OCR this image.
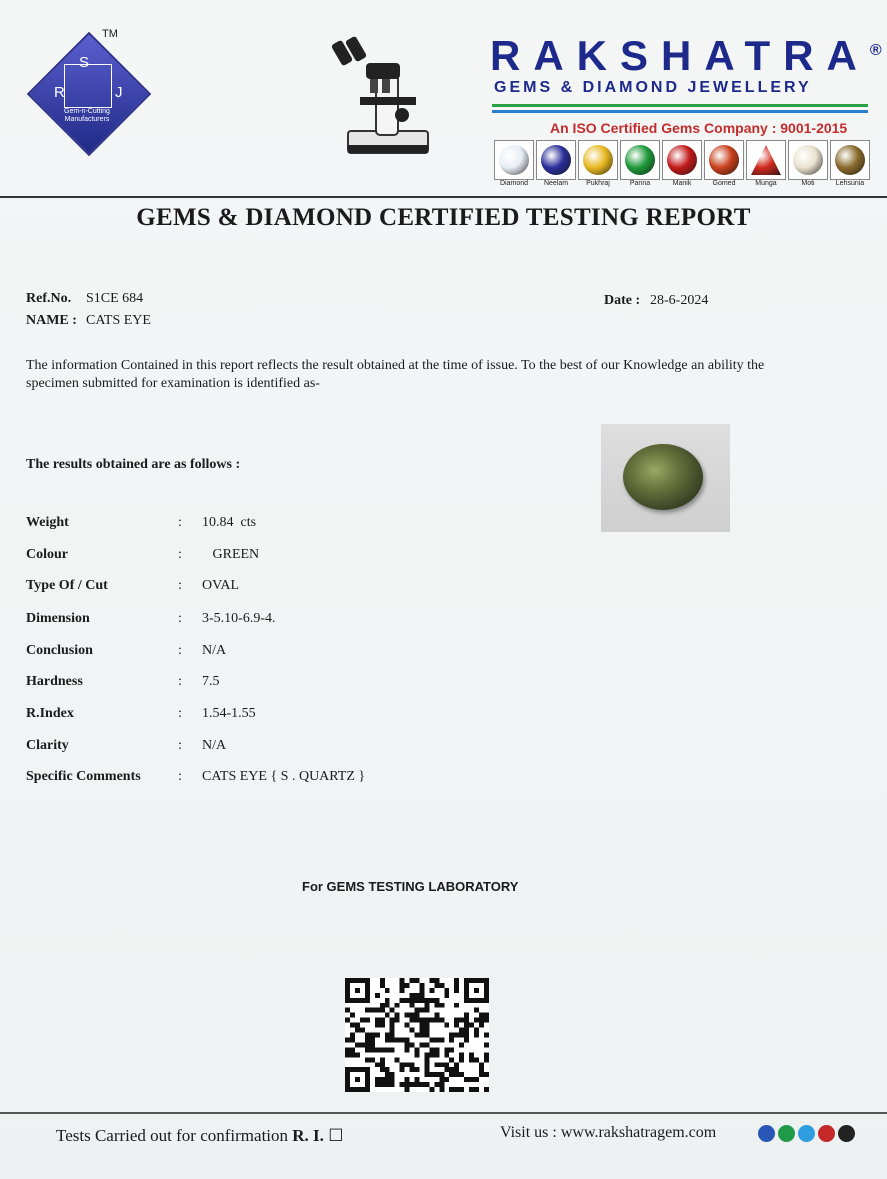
TM
S
R	J
Gem-n-Cutting Manufacturers
RAKSHATRA®
GEMS & DIAMOND JEWELLERY
An ISO Certified Gems Company : 9001-2015
Diamond	Neelam	Pukhraj	Panna	Manik	Gomed	Munga	Moti	Lehsunia
GEMS & DIAMOND CERTIFIED TESTING REPORT
Ref.No. S1CE 684
NAME : CATS EYE
Date : 28-6-2024
The information Contained in this report reflects the result obtained at the time of issue. To the best of our Knowledge an ability the specimen submitted for examination is identified as-
The results obtained are as follows :
Weight	: 10.84  cts
Colour	: GREEN
Type Of / Cut	: OVAL
Dimension	: 3-5.10-6.9-4.
Conclusion	: N/A
Hardness	: 7.5
R.Index	: 1.54-1.55
Clarity	: N/A
Specific Comments	: CATS EYE { S . QUARTZ }
For GEMS TESTING LABORATORY
Tests Carried out for confirmation R. I. ☐	Visit us : www.rakshatragem.com
